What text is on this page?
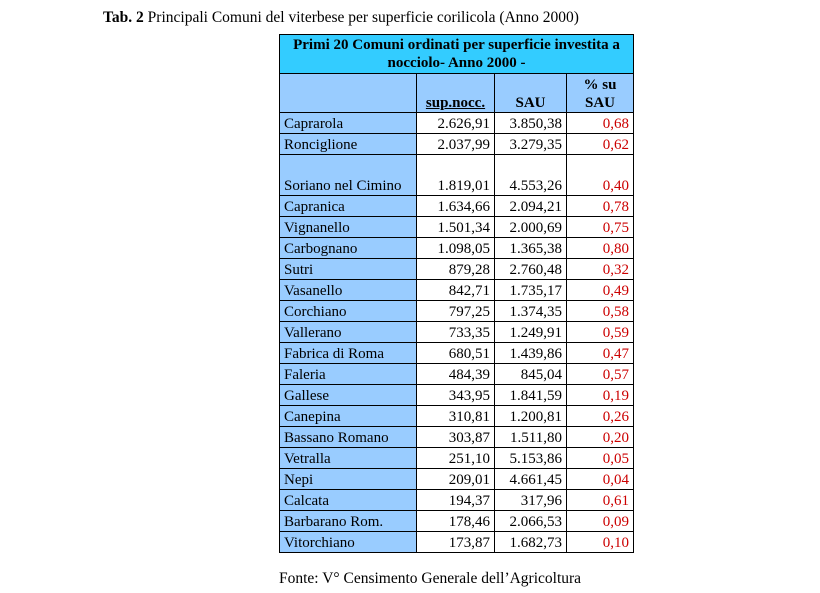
Tab. 2 Principali Comuni del viterbese per superficie corilicola (Anno 2000)
Primi 20 Comuni ordinati per superficie investita a nocciolo- Anno 2000 -			
	sup.nocc.	SAU	% su SAU
Caprarola	2.626,91	3.850,38	0,68
Ronciglione	2.037,99	3.279,35	0,62
Soriano nel Cimino	1.819,01	4.553,26	0,40
Capranica	1.634,66	2.094,21	0,78
Vignanello	1.501,34	2.000,69	0,75
Carbognano	1.098,05	1.365,38	0,80
Sutri	879,28	2.760,48	0,32
Vasanello	842,71	1.735,17	0,49
Corchiano	797,25	1.374,35	0,58
Vallerano	733,35	1.249,91	0,59
Fabrica di Roma	680,51	1.439,86	0,47
Faleria	484,39	845,04	0,57
Gallese	343,95	1.841,59	0,19
Canepina	310,81	1.200,81	0,26
Bassano Romano	303,87	1.511,80	0,20
Vetralla	251,10	5.153,86	0,05
Nepi	209,01	4.661,45	0,04
Calcata	194,37	317,96	0,61
Barbarano Rom.	178,46	2.066,53	0,09
Vitorchiano	173,87	1.682,73	0,10
Fonte: V° Censimento Generale dell’Agricoltura
